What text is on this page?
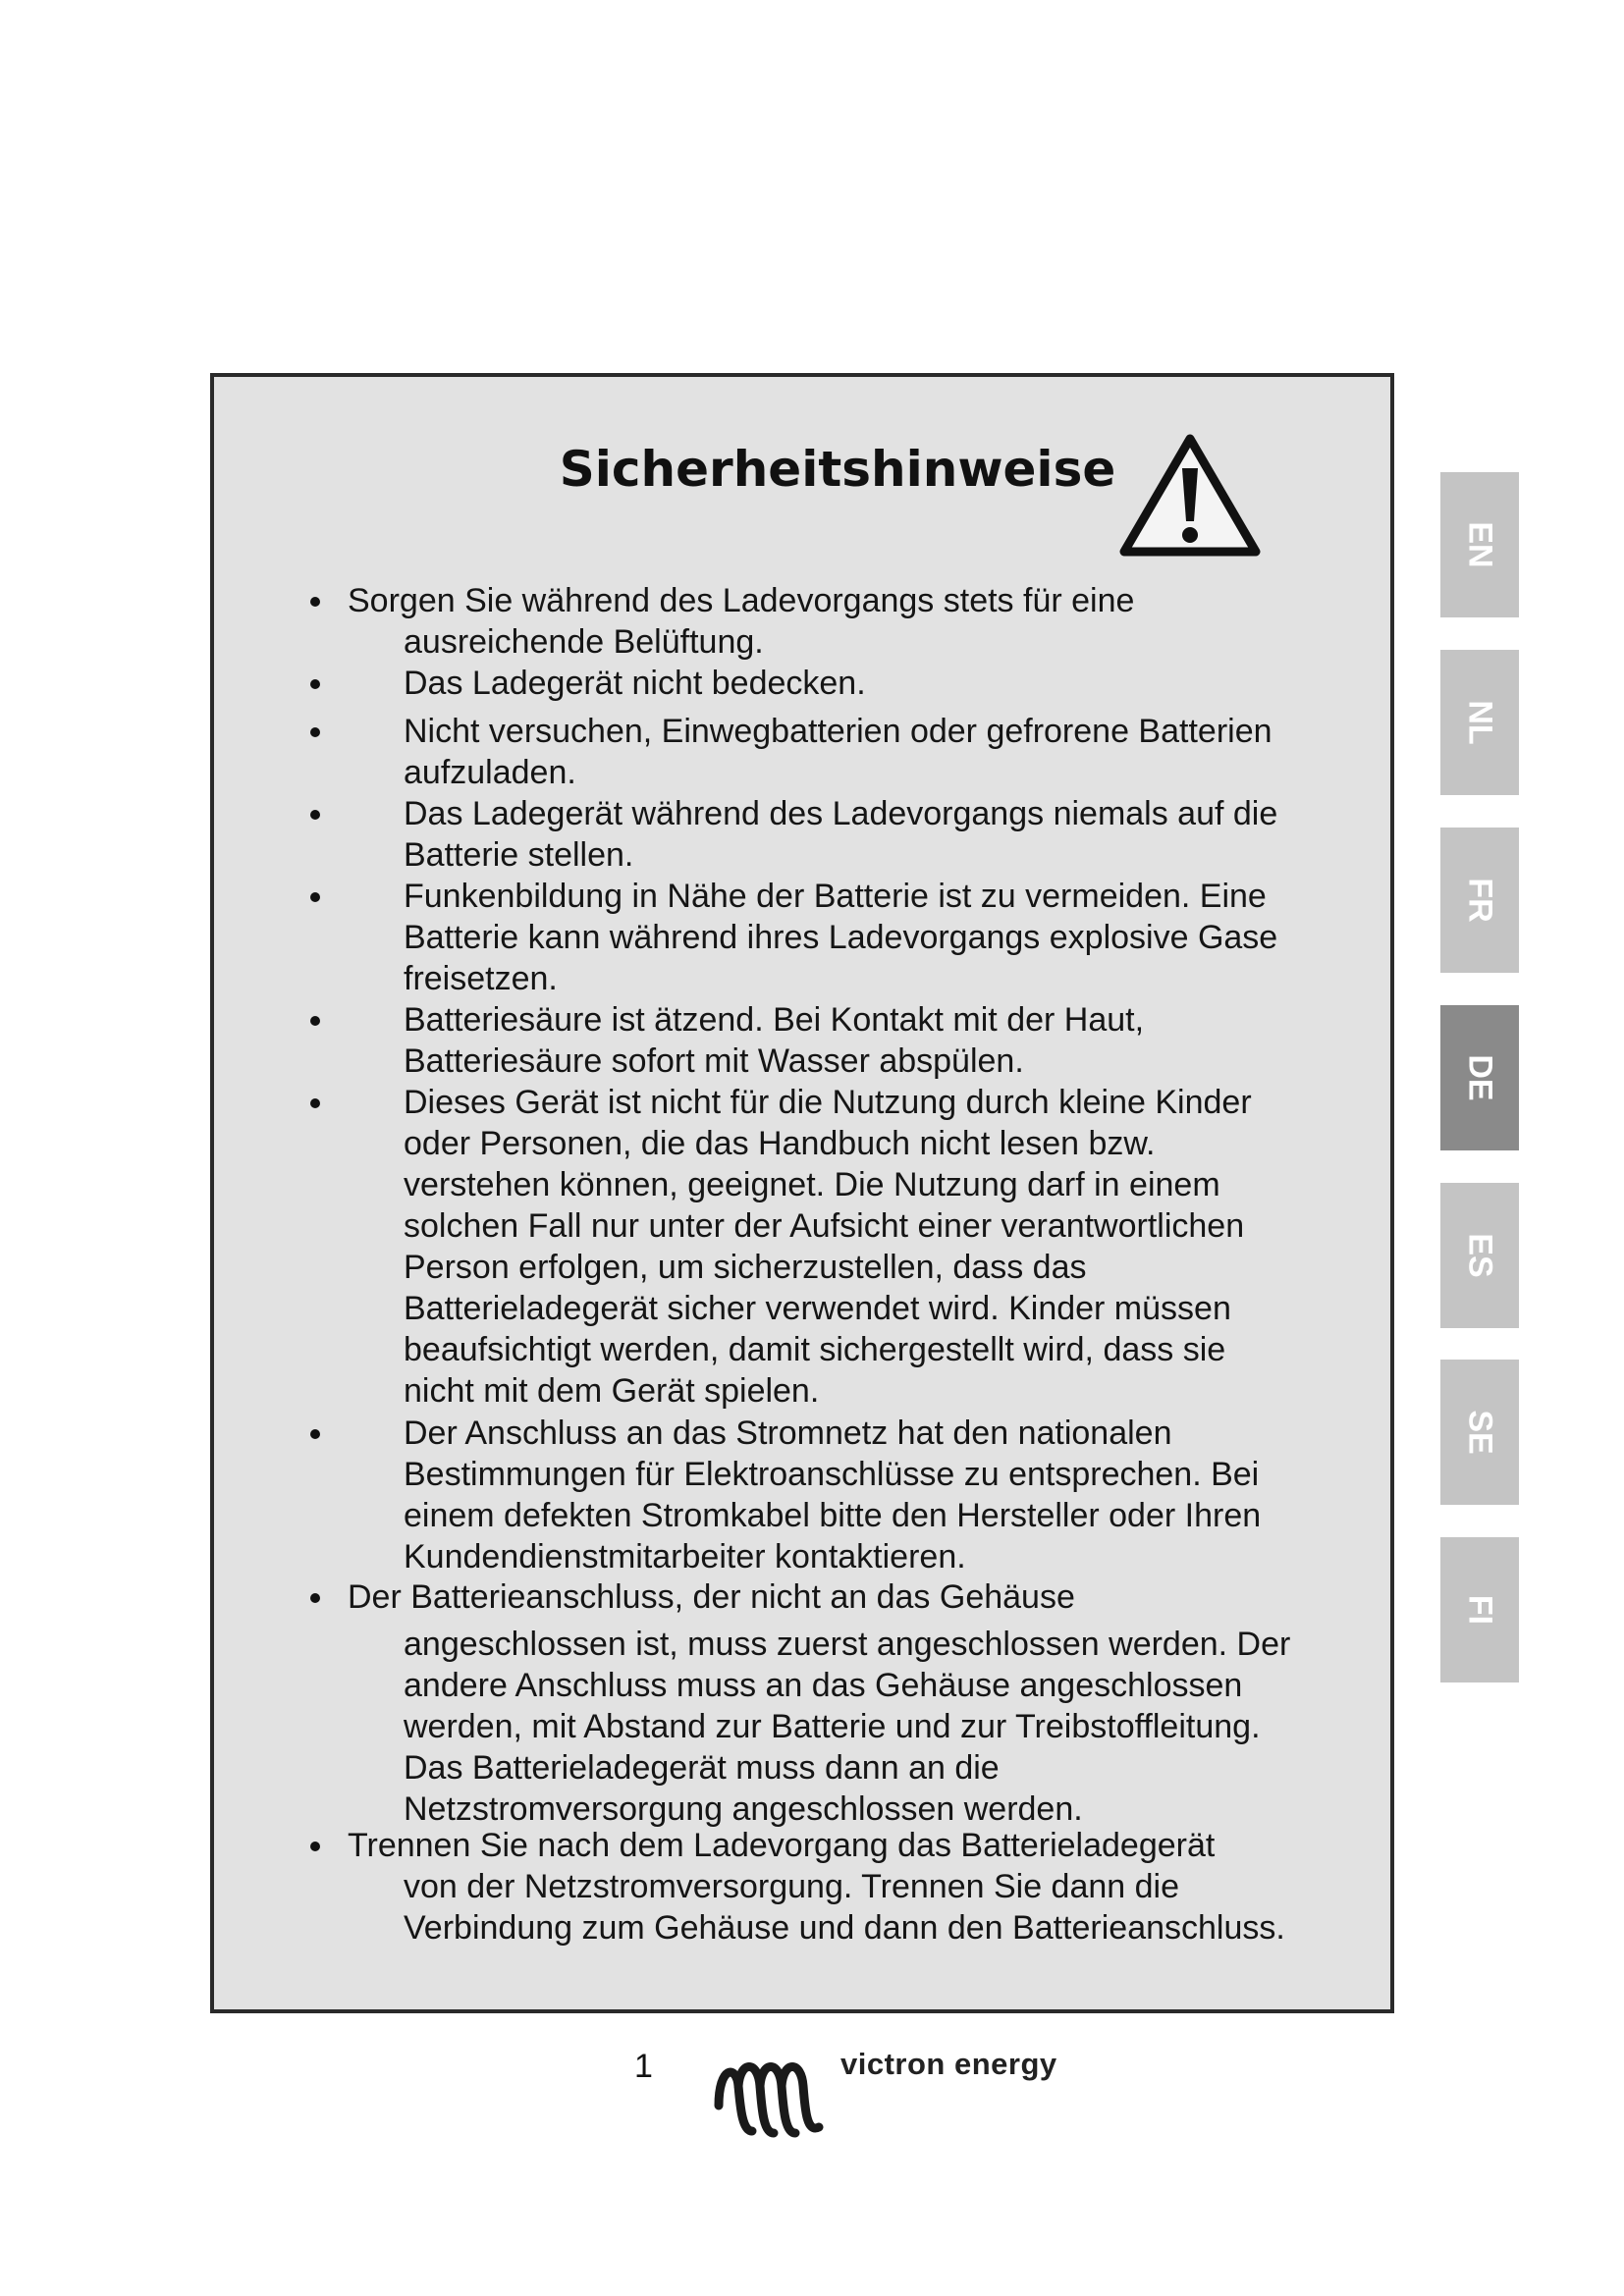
Sicherheitshinweise
Sorgen Sie während des Ladevorgangs stets für eine
ausreichende Belüftung.
Das Ladegerät nicht bedecken.
Nicht versuchen, Einwegbatterien oder gefrorene Batterien
aufzuladen.
Das Ladegerät während des Ladevorgangs niemals auf die
Batterie stellen.
Funkenbildung in Nähe der Batterie ist zu vermeiden. Eine
Batterie kann während ihres Ladevorgangs explosive Gase
freisetzen.
Batteriesäure ist ätzend. Bei Kontakt mit der Haut,
Batteriesäure sofort mit Wasser abspülen.
Dieses Gerät ist nicht für die Nutzung durch kleine Kinder
oder Personen, die das Handbuch nicht lesen bzw.
verstehen können, geeignet. Die Nutzung darf in einem
solchen Fall nur unter der Aufsicht einer verantwortlichen
Person erfolgen, um sicherzustellen, dass das
Batterieladegerät sicher verwendet wird. Kinder müssen
beaufsichtigt werden, damit sichergestellt wird, dass sie
nicht mit dem Gerät spielen.
Der Anschluss an das Stromnetz hat den nationalen
Bestimmungen für Elektroanschlüsse zu entsprechen. Bei
einem defekten Stromkabel bitte den Hersteller oder Ihren
Kundendienstmitarbeiter kontaktieren.
Der Batterieanschluss, der nicht an das Gehäuse
angeschlossen ist, muss zuerst angeschlossen werden. Der
andere Anschluss muss an das Gehäuse angeschlossen
werden, mit Abstand zur Batterie und zur Treibstoffleitung.
Das Batterieladegerät muss dann an die
Netzstromversorgung angeschlossen werden.
Trennen Sie nach dem Ladevorgang das Batterieladegerät
von der Netzstromversorgung. Trennen Sie dann die
Verbindung zum Gehäuse und dann den Batterieanschluss.
EN
NL
FR
DE
ES
SE
FI
1	victron energy
